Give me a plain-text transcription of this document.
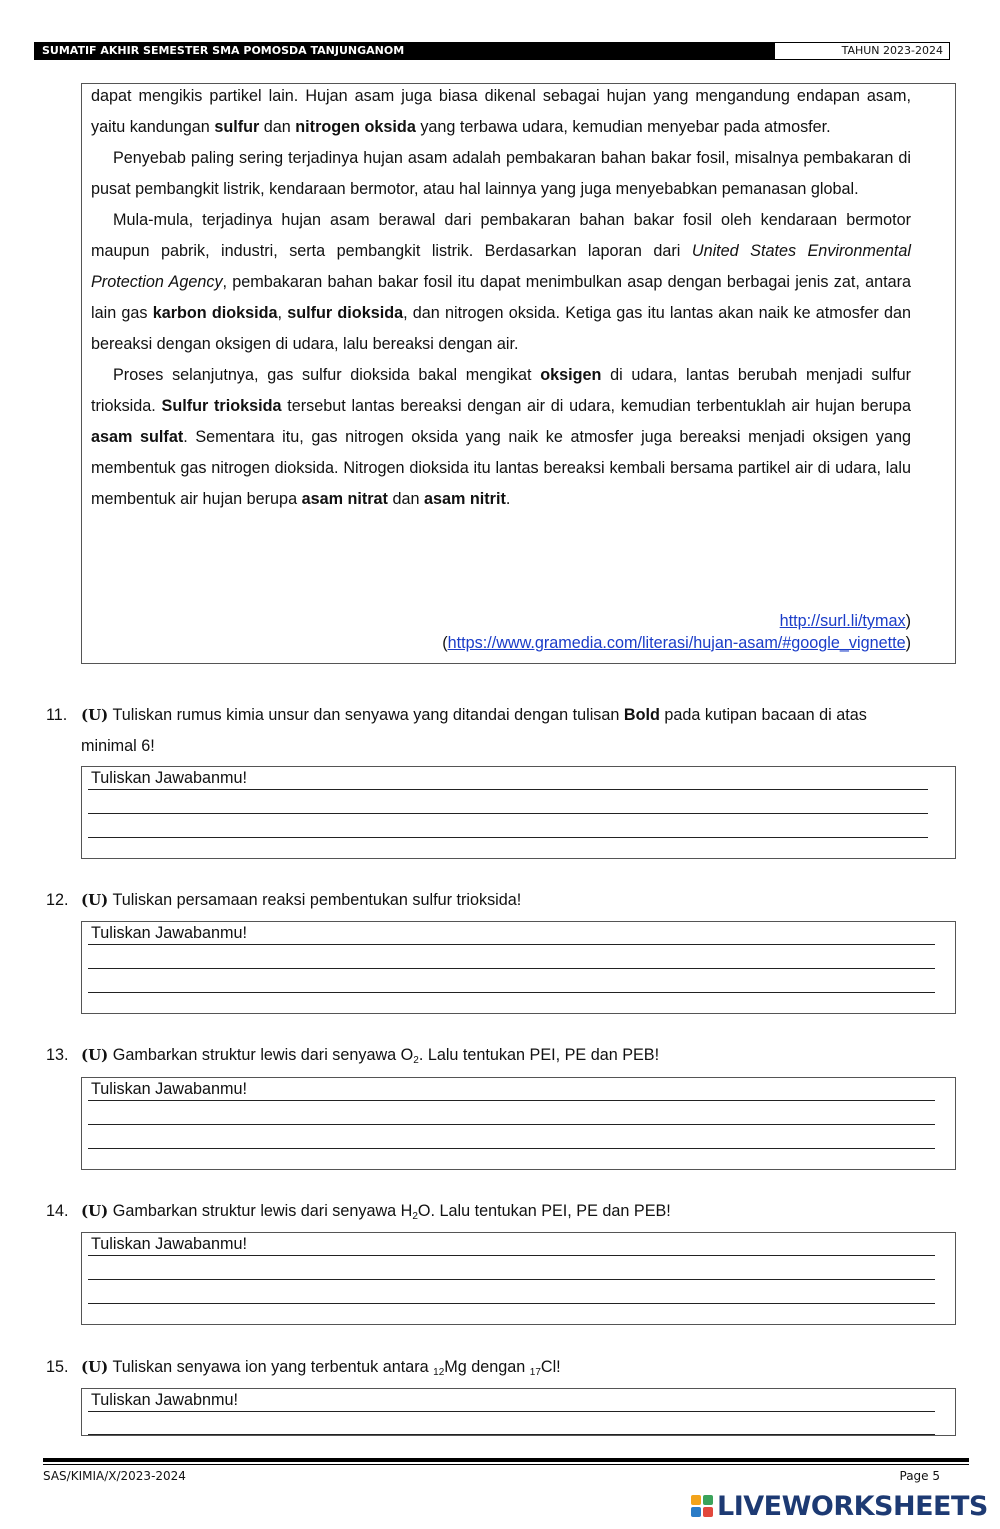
SUMATIF AKHIR SEMESTER SMA POMOSDA TANJUNGANOM	TAHUN 2023-2024

dapat mengikis partikel lain. Hujan asam juga biasa dikenal sebagai hujan yang mengandung endapan asam, yaitu kandungan sulfur dan nitrogen oksida yang terbawa udara, kemudian menyebar pada atmosfer.

Penyebab paling sering terjadinya hujan asam adalah pembakaran bahan bakar fosil, misalnya pembakaran di pusat pembangkit listrik, kendaraan bermotor, atau hal lainnya yang juga menyebabkan pemanasan global.

Mula-mula, terjadinya hujan asam berawal dari pembakaran bahan bakar fosil oleh kendaraan bermotor maupun pabrik, industri, serta pembangkit listrik. Berdasarkan laporan dari United States Environmental Protection Agency, pembakaran bahan bakar fosil itu dapat menimbulkan asap dengan berbagai jenis zat, antara lain gas karbon dioksida, sulfur dioksida, dan nitrogen oksida. Ketiga gas itu lantas akan naik ke atmosfer dan bereaksi dengan oksigen di udara, lalu bereaksi dengan air.

Proses selanjutnya, gas sulfur dioksida bakal mengikat oksigen di udara, lantas berubah menjadi sulfur trioksida. Sulfur trioksida tersebut lantas bereaksi dengan air di udara, kemudian terbentuklah air hujan berupa asam sulfat. Sementara itu, gas nitrogen oksida yang naik ke atmosfer juga bereaksi menjadi oksigen yang membentuk gas nitrogen dioksida. Nitrogen dioksida itu lantas bereaksi kembali bersama partikel air di udara, lalu membentuk air hujan berupa asam nitrat dan asam nitrit.

http://surl.li/tymax)
(https://www.gramedia.com/literasi/hujan-asam/#google_vignette)
11. (U) Tuliskan rumus kimia unsur dan senyawa yang ditandai dengan tulisan Bold pada kutipan bacaan di atas minimal 6!
Tuliskan Jawabanmu!
12. (U) Tuliskan persamaan reaksi pembentukan sulfur trioksida!
Tuliskan Jawabanmu!
13. (U) Gambarkan struktur lewis dari senyawa $O_2$. Lalu tentukan PEI, PE dan PEB!
Tuliskan Jawabanmu!
14. (U) Gambarkan struktur lewis dari senyawa $H_2O$. Lalu tentukan PEI, PE dan PEB!
Tuliskan Jawabanmu!
15. (U) Tuliskan senyawa ion yang terbentuk antara 12Mg dengan 17Cl!
Tuliskan Jawabnmu!
SAS/KIMIA/X/2023-2024	Page 5
LIVEWORKSHEETS
